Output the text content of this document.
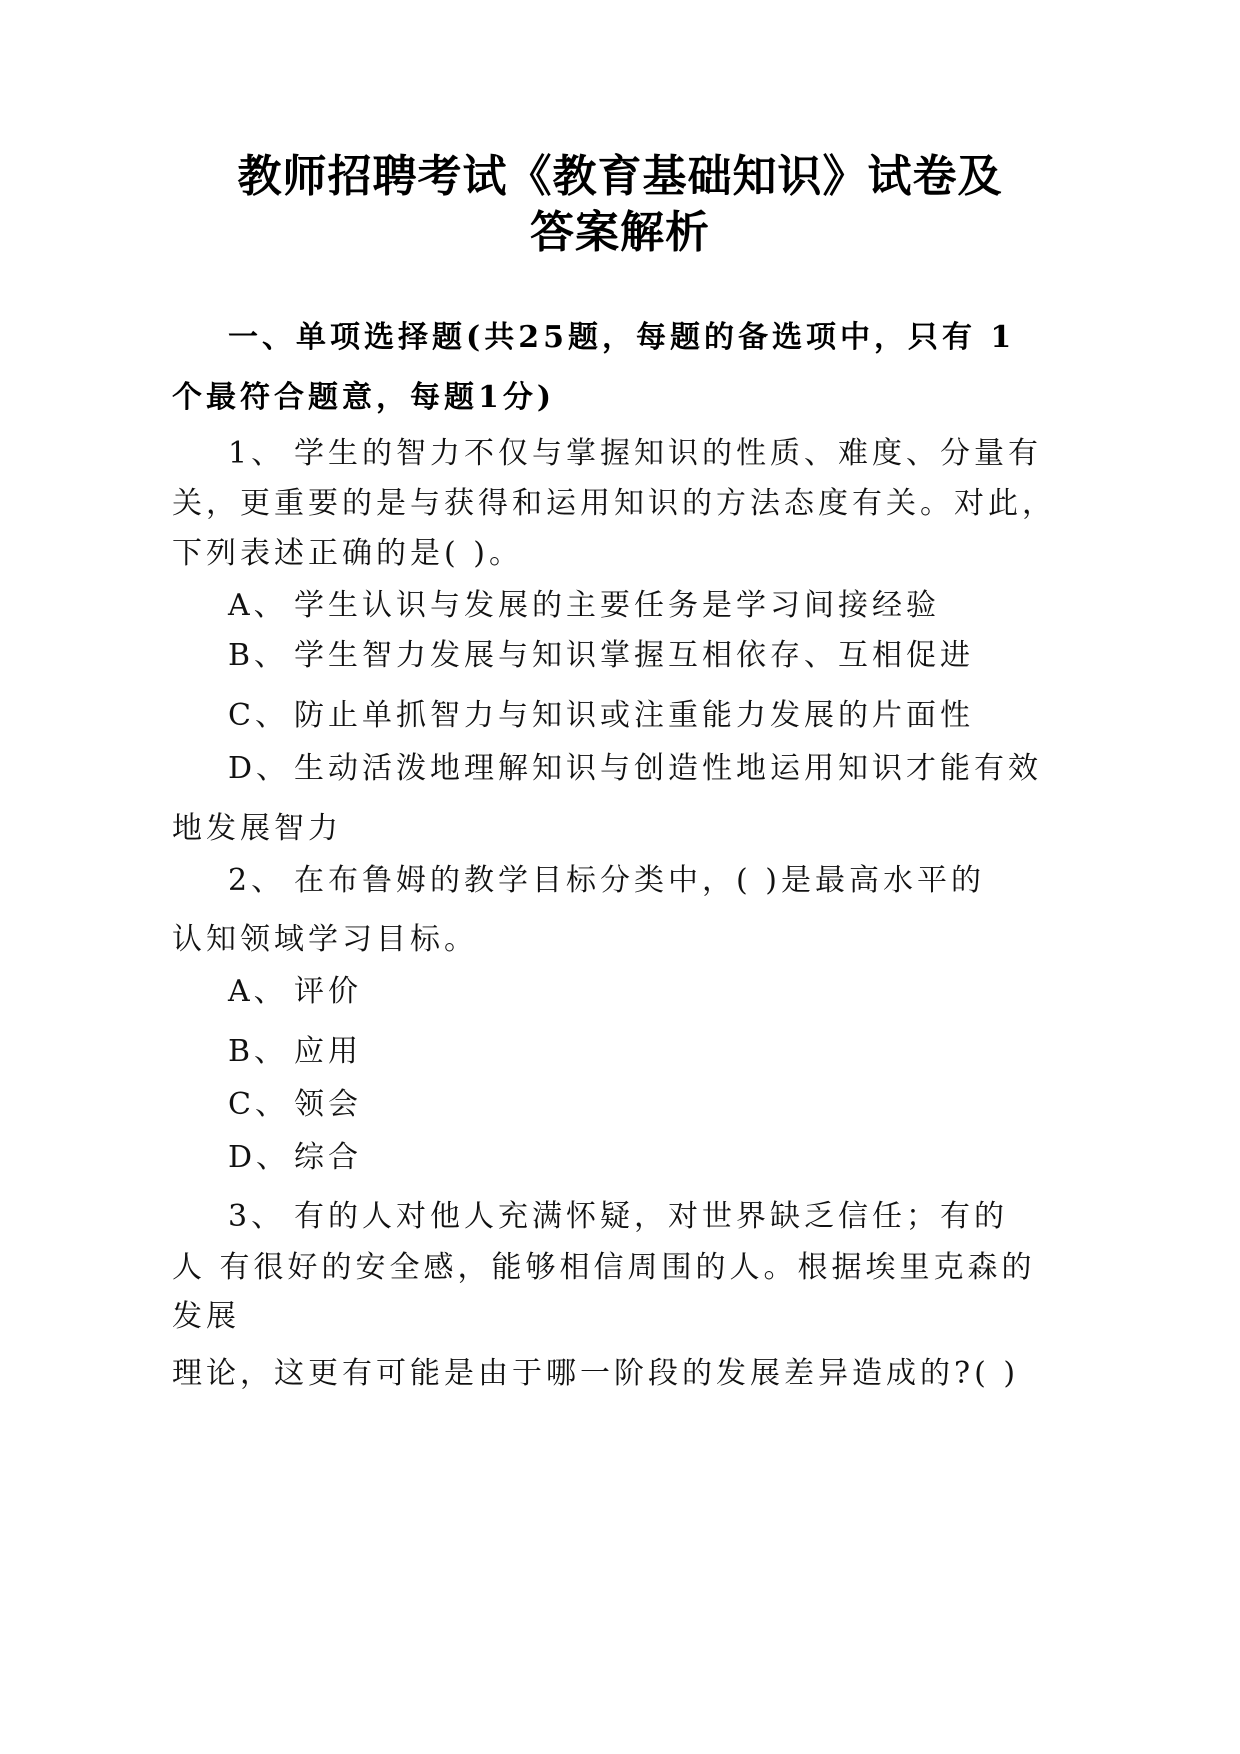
教师招聘考试《教育基础知识》试卷及
答案解析
一、单项选择题(共25题，每题的备选项中，只有 1
个最符合题意，每题1分)
1、 学生的智力不仅与掌握知识的性质、难度、分量有
关，更重要的是与获得和运用知识的方法态度有关。对此，
下列表述正确的是( )。
A、 学生认识与发展的主要任务是学习间接经验
B、 学生智力发展与知识掌握互相依存、互相促进
C、 防止单抓智力与知识或注重能力发展的片面性
D、 生动活泼地理解知识与创造性地运用知识才能有效
地发展智力
2、 在布鲁姆的教学目标分类中，( )是最高水平的
认知领域学习目标。
A、 评价
B、 应用
C、 领会
D、 综合
3、 有的人对他人充满怀疑，对世界缺乏信任；有的
人 有很好的安全感，能够相信周围的人。根据埃里克森的
发展
理论，这更有可能是由于哪一阶段的发展差异造成的?( )
